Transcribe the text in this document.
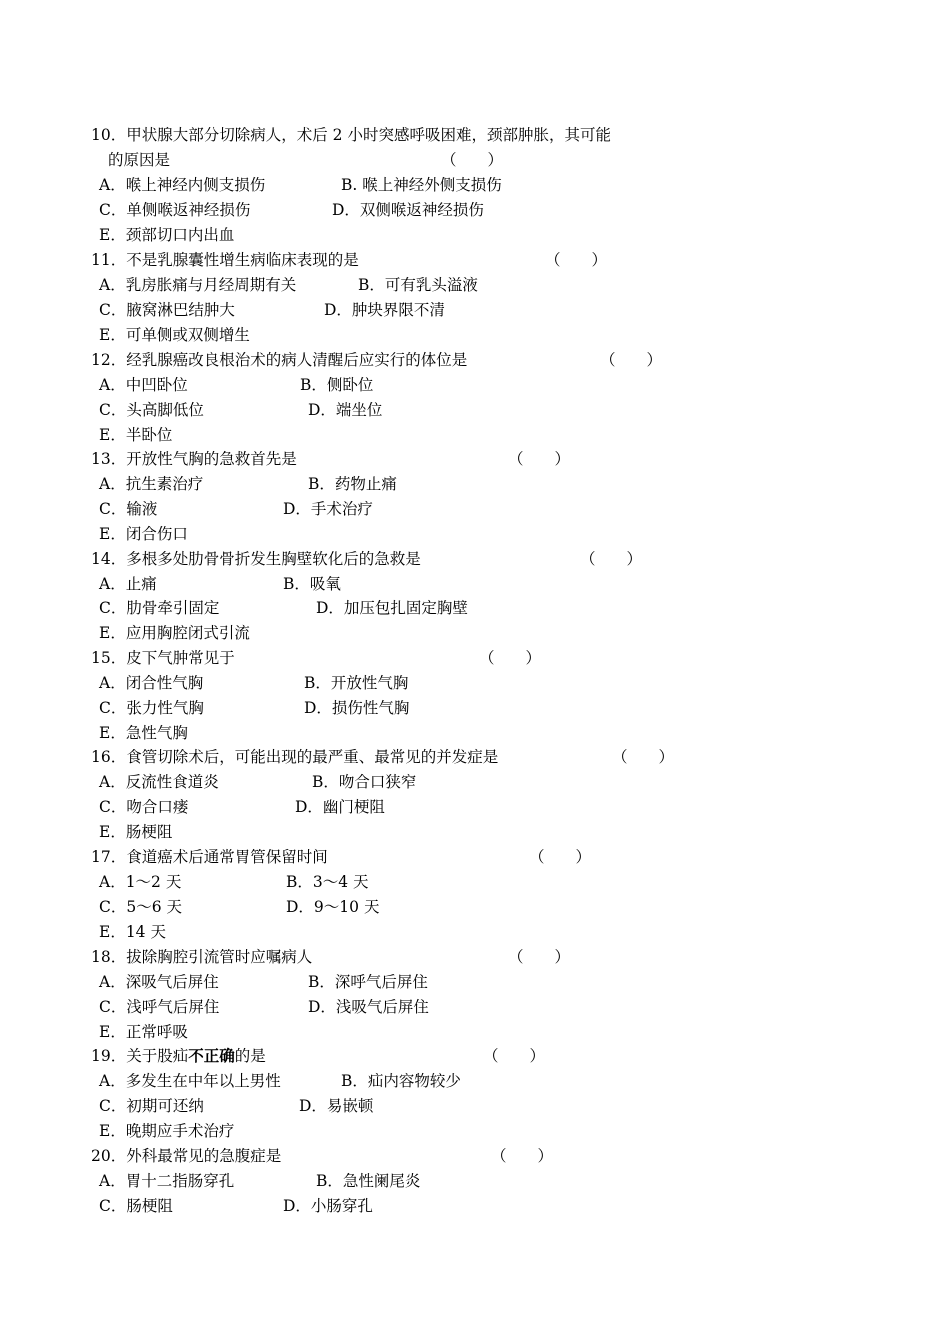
10．甲状腺大部分切除病人，术后 2 小时突感呼吸困难，颈部肿胀，其可能
的原因是	（　　）
A．喉上神经内侧支损伤	B. 喉上神经外侧支损伤
C．单侧喉返神经损伤	D．双侧喉返神经损伤
E．颈部切口内出血
11．不是乳腺囊性增生病临床表现的是	（　　）
A．乳房胀痛与月经周期有关	B．可有乳头溢液
C．腋窝淋巴结肿大	D．肿块界限不清
E．可单侧或双侧增生
12．经乳腺癌改良根治术的病人清醒后应实行的体位是	（　　）
A．中凹卧位	B．侧卧位
C．头高脚低位	D．端坐位
E．半卧位
13．开放性气胸的急救首先是	（　　）
A．抗生素治疗	B．药物止痛
C．输液	D．手术治疗
E．闭合伤口
14．多根多处肋骨骨折发生胸壁软化后的急救是	（　　）
A．止痛	B．吸氧
C．肋骨牵引固定	D．加压包扎固定胸壁
E．应用胸腔闭式引流
15．皮下气肿常见于	（　　）
A．闭合性气胸	B．开放性气胸
C．张力性气胸	D．损伤性气胸
E．急性气胸
16．食管切除术后，可能出现的最严重、最常见的并发症是	（　　）
A．反流性食道炎	B．吻合口狭窄
C．吻合口瘘	D．幽门梗阻
E．肠梗阻
17．食道癌术后通常胃管保留时间	（　　）
A．1～2 天	B．3～4 天
C．5～6 天	D．9～10 天
E．14 天
18．拔除胸腔引流管时应嘱病人	（　　）
A．深吸气后屏住	B．深呼气后屏住
C．浅呼气后屏住	D．浅吸气后屏住
E．正常呼吸
19．关于股疝不正确的是	（　　）
A．多发生在中年以上男性	B．疝内容物较少
C．初期可还纳	D．易嵌顿
E．晚期应手术治疗
20．外科最常见的急腹症是	（　　）
A．胃十二指肠穿孔	B．急性阑尾炎
C．肠梗阻	D．小肠穿孔
